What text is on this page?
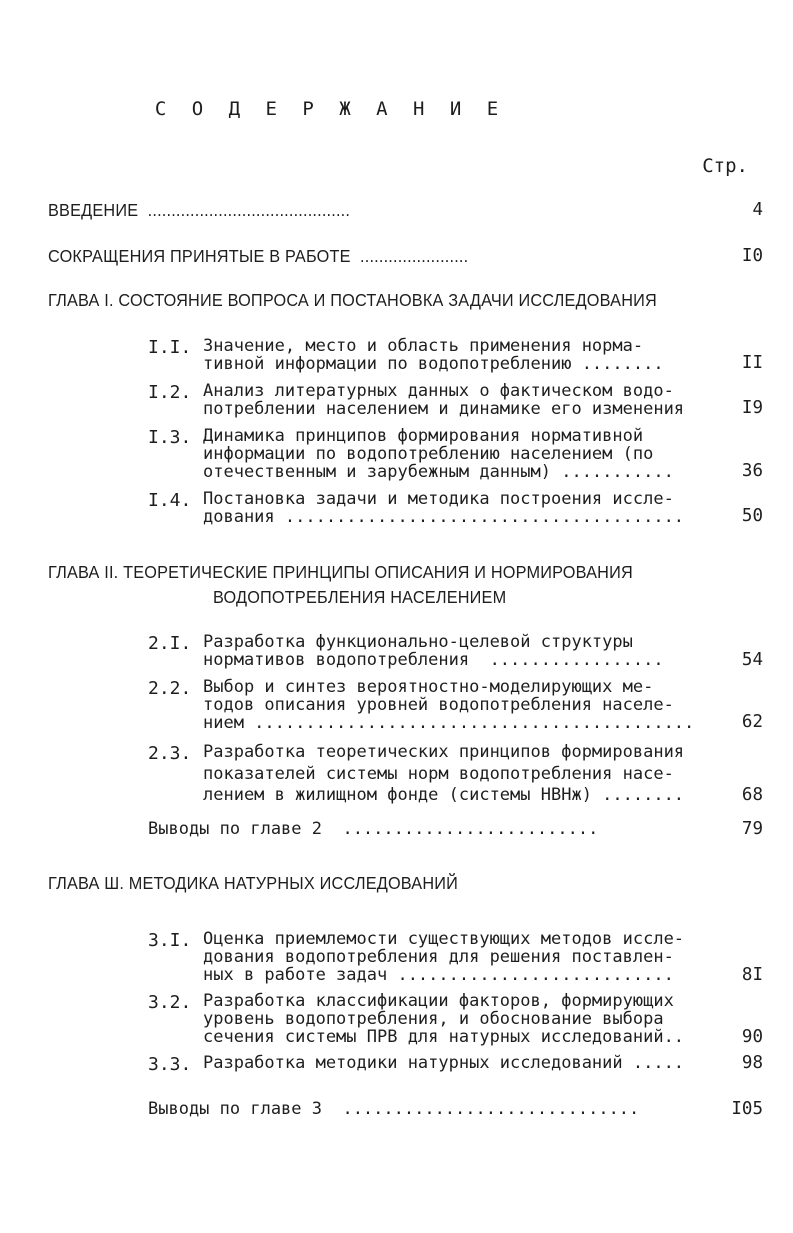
С О Д Е Р Ж А Н И Е
Стр.
ВВЕДЕНИЕ  ...........................................	4
СОКРАЩЕНИЯ ПРИНЯТЫЕ В РАБОТЕ  .......................	I0
ГЛАВА I. СОСТОЯНИЕ ВОПРОСА И ПОСТАНОВКА ЗАДАЧИ ИССЛЕДОВАНИЯ
I.I. Значение, место и область применения норма-
тивной информации по водопотреблению ........	II
I.2. Анализ литературных данных о фактическом водо-
потреблении населением и динамике его изменения	I9
I.3. Динамика принципов формирования нормативной
информации по водопотреблению населением (по
отечественным и зарубежным данным) ...........	36
I.4. Постановка задачи и методика построения иссле-
дования .......................................	50
ГЛАВА II. ТЕОРЕТИЧЕСКИЕ ПРИНЦИПЫ ОПИСАНИЯ И НОРМИРОВАНИЯ
ВОДОПОТРЕБЛЕНИЯ НАСЕЛЕНИЕМ
2.I. Разработка функционально-целевой структуры
нормативов водопотребления  .................	54
2.2. Выбор и синтез вероятностно-моделирующих ме-
тодов описания уровней водопотребления населе-
нием ...........................................	62
2.3. Разработка теоретических принципов формирования
показателей системы норм водопотребления насе-
лением в жилищном фонде (системы НВНж) ........	68
Выводы по главе 2  .........................	79
ГЛАВА Ш. МЕТОДИКА НАТУРНЫХ ИССЛЕДОВАНИЙ
3.I. Оценка приемлемости существующих методов иссле-
дования водопотребления для решения поставлен-
ных в работе задач ...........................	8I
3.2. Разработка классификации факторов, формирующих
уровень водопотребления, и обоснование выбора
сечения системы ПРВ для натурных исследований..	90
3.3. Разработка методики натурных исследований .....	98
Выводы по главе 3  .............................	I05
